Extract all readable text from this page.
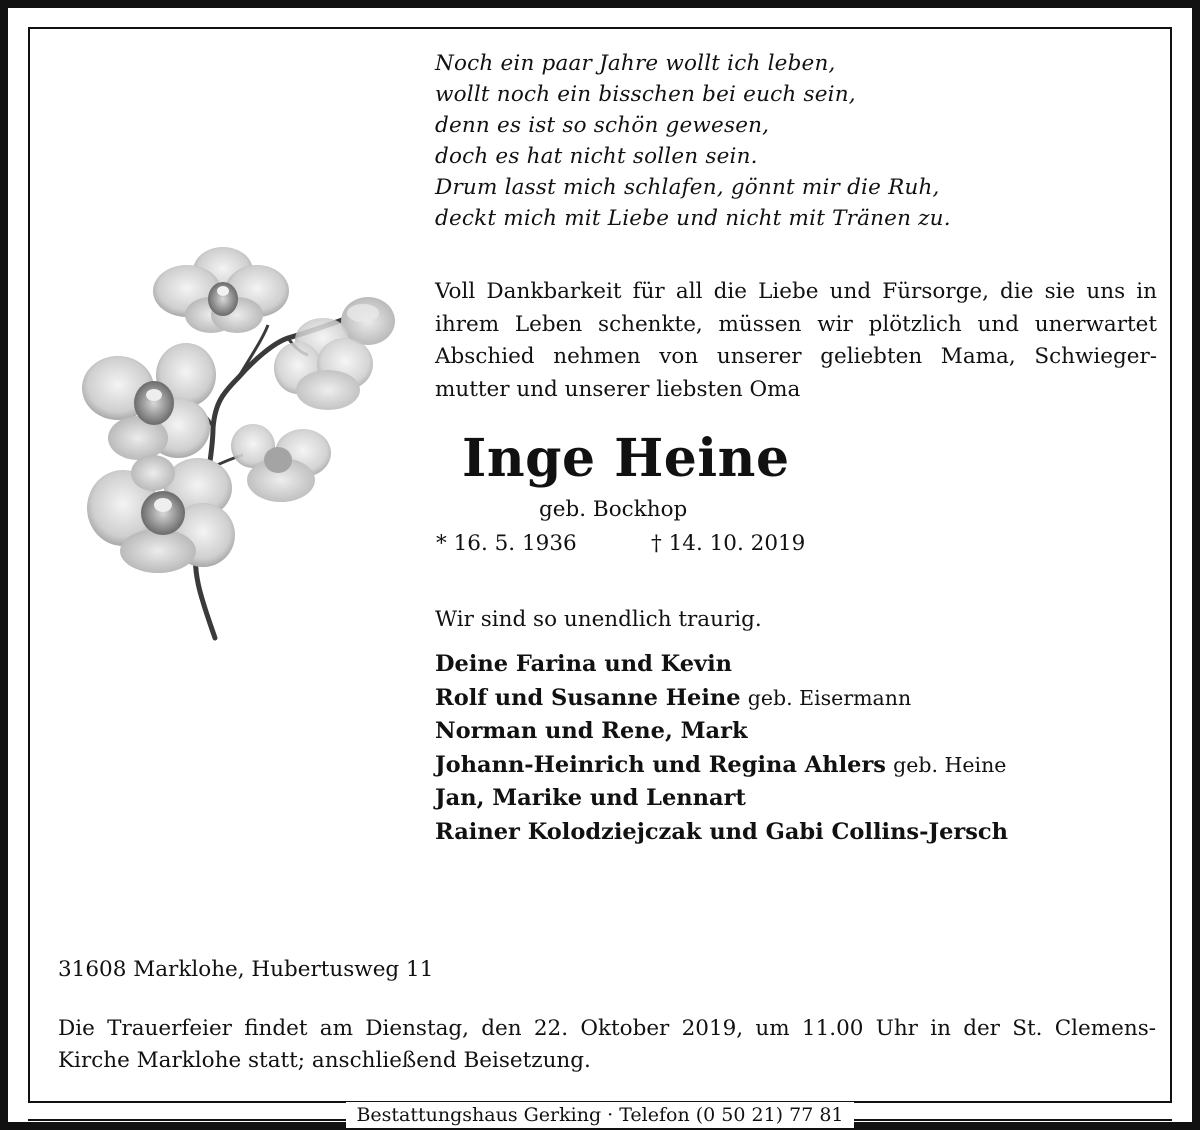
Noch ein paar Jahre wollt ich leben,
wollt noch ein bisschen bei euch sein,
denn es ist so schön gewesen,
doch es hat nicht sollen sein.
Drum lasst mich schlafen, gönnt mir die Ruh,
deckt mich mit Liebe und nicht mit Tränen zu.
Voll Dankbarkeit für all die Liebe und Fürsorge, die sie uns in
ihrem Leben schenkte, müssen wir plötzlich und unerwartet
Abschied nehmen von unserer geliebten Mama, Schwieger-
mutter und unserer liebsten Oma
Inge Heine
geb. Bockhop
* 16. 5. 1936	† 14. 10. 2019
Wir sind so unendlich traurig.
Deine Farina und Kevin
Rolf und Susanne Heine geb. Eisermann
Norman und Rene, Mark
Johann-Heinrich und Regina Ahlers geb. Heine
Jan, Marike und Lennart
Rainer Kolodziejczak und Gabi Collins-Jersch
31608 Marklohe, Hubertusweg 11
Die Trauerfeier findet am Dienstag, den 22. Oktober 2019, um 11.00 Uhr in der St. Clemens-
Kirche Marklohe statt; anschließend Beisetzung.
Bestattungshaus Gerking · Telefon (0 50 21) 77 81
